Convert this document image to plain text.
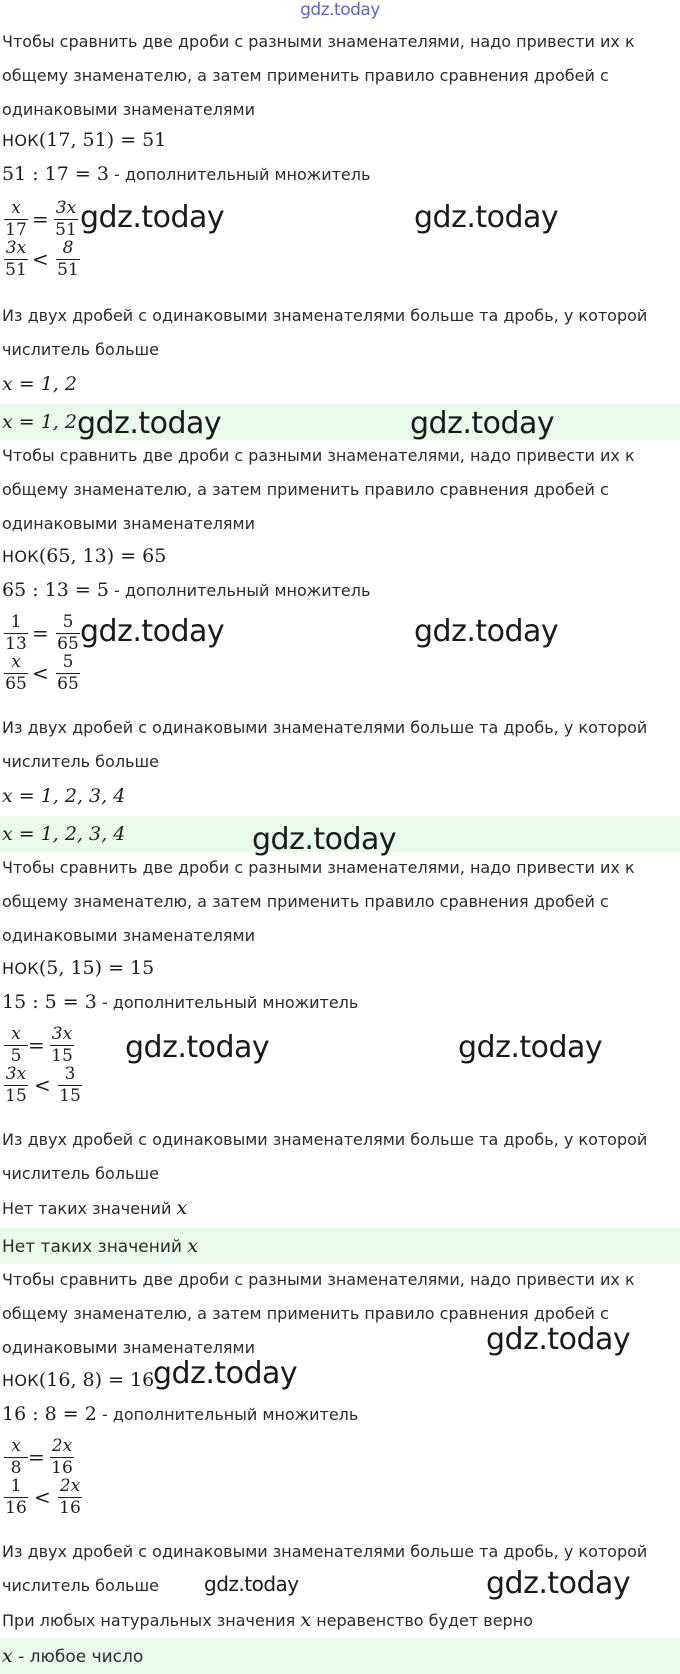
gdz.today
Чтобы сравнить две дроби с разными знаменателями, надо привести их к
общему знаменателю, а затем применить правило сравнения дробей с
одинаковыми знаменателями
НОК(17, 51) = 51
51 : 17 = 3 - дополнительный множитель
x
17 = 3x
51
3x
51 < 8
51
Из двух дробей с одинаковыми знаменателями больше та дробь, у которой
числитель больше
x = 1, 2
x = 1, 2
Чтобы сравнить две дроби с разными знаменателями, надо привести их к
общему знаменателю, а затем применить правило сравнения дробей с
одинаковыми знаменателями
НОК(65, 13) = 65
65 : 13 = 5 - дополнительный множитель
1
13 = 5
65
x
65 < 5
65
Из двух дробей с одинаковыми знаменателями больше та дробь, у которой
числитель больше
x = 1, 2, 3, 4
x = 1, 2, 3, 4
Чтобы сравнить две дроби с разными знаменателями, надо привести их к
общему знаменателю, а затем применить правило сравнения дробей с
одинаковыми знаменателями
НОК(5, 15) = 15
15 : 5 = 3 - дополнительный множитель
x
5 = 3x
15
3x
15 < 3
15
Из двух дробей с одинаковыми знаменателями больше та дробь, у которой
числитель больше
Нет таких значений x
Нет таких значений x
Чтобы сравнить две дроби с разными знаменателями, надо привести их к
общему знаменателю, а затем применить правило сравнения дробей с
одинаковыми знаменателями
НОК(16, 8) = 16
16 : 8 = 2 - дополнительный множитель
x
8 = 2x
16
1
16 < 2x
16
Из двух дробей с одинаковыми знаменателями больше та дробь, у которой
числитель больше
При любых натуральных значения x неравенство будет верно
x - любое число
gdz.today	gdz.today
gdz.today	gdz.today
gdz.today	gdz.today
gdz.today
gdz.today	gdz.today
gdz.today
gdz.today
gdz.today	gdz.today
